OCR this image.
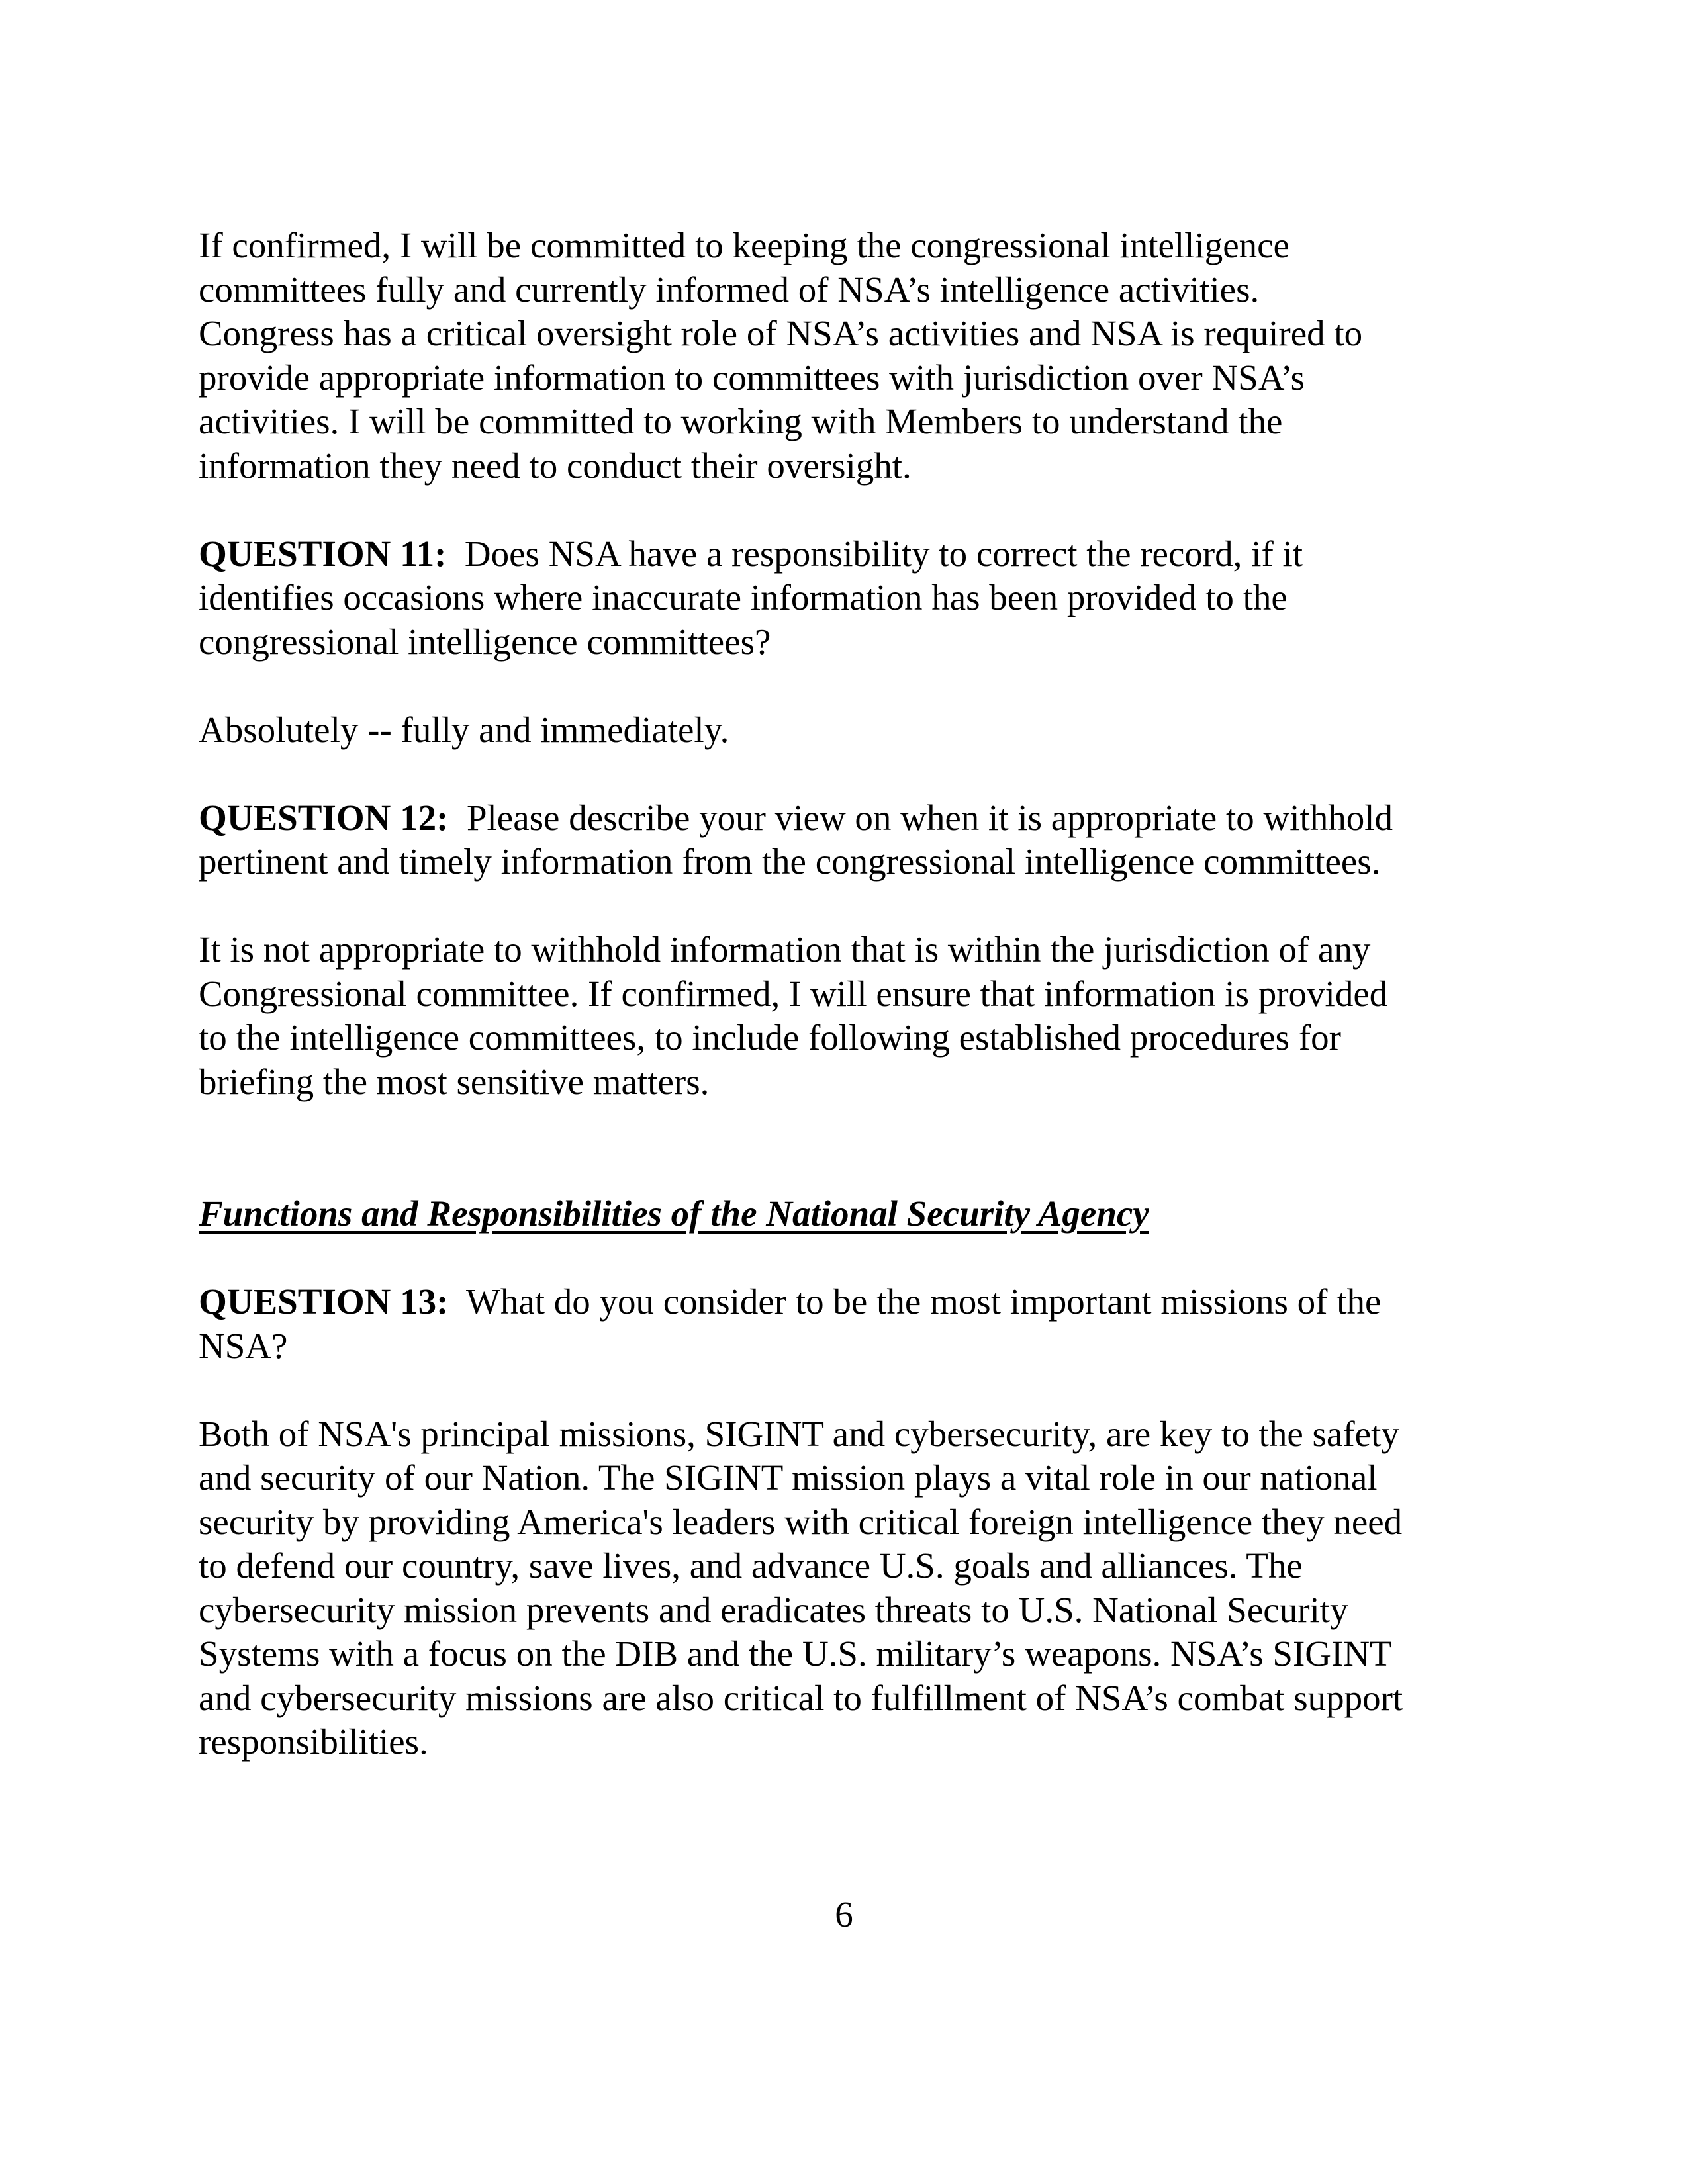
If confirmed, I will be committed to keeping the congressional intelligence
committees fully and currently informed of NSA’s intelligence activities.
Congress has a critical oversight role of NSA’s activities and NSA is required to
provide appropriate information to committees with jurisdiction over NSA’s
activities. I will be committed to working with Members to understand the
information they need to conduct their oversight.

QUESTION 11:  Does NSA have a responsibility to correct the record, if it
identifies occasions where inaccurate information has been provided to the
congressional intelligence committees?

Absolutely -- fully and immediately.

QUESTION 12:  Please describe your view on when it is appropriate to withhold
pertinent and timely information from the congressional intelligence committees.

It is not appropriate to withhold information that is within the jurisdiction of any
Congressional committee. If confirmed, I will ensure that information is provided
to the intelligence committees, to include following established procedures for
briefing the most sensitive matters.

Functions and Responsibilities of the National Security Agency

QUESTION 13:  What do you consider to be the most important missions of the
NSA?

Both of NSA's principal missions, SIGINT and cybersecurity, are key to the safety
and security of our Nation. The SIGINT mission plays a vital role in our national
security by providing America's leaders with critical foreign intelligence they need
to defend our country, save lives, and advance U.S. goals and alliances. The
cybersecurity mission prevents and eradicates threats to U.S. National Security
Systems with a focus on the DIB and the U.S. military’s weapons. NSA’s SIGINT
and cybersecurity missions are also critical to fulfillment of NSA’s combat support
responsibilities.

6
